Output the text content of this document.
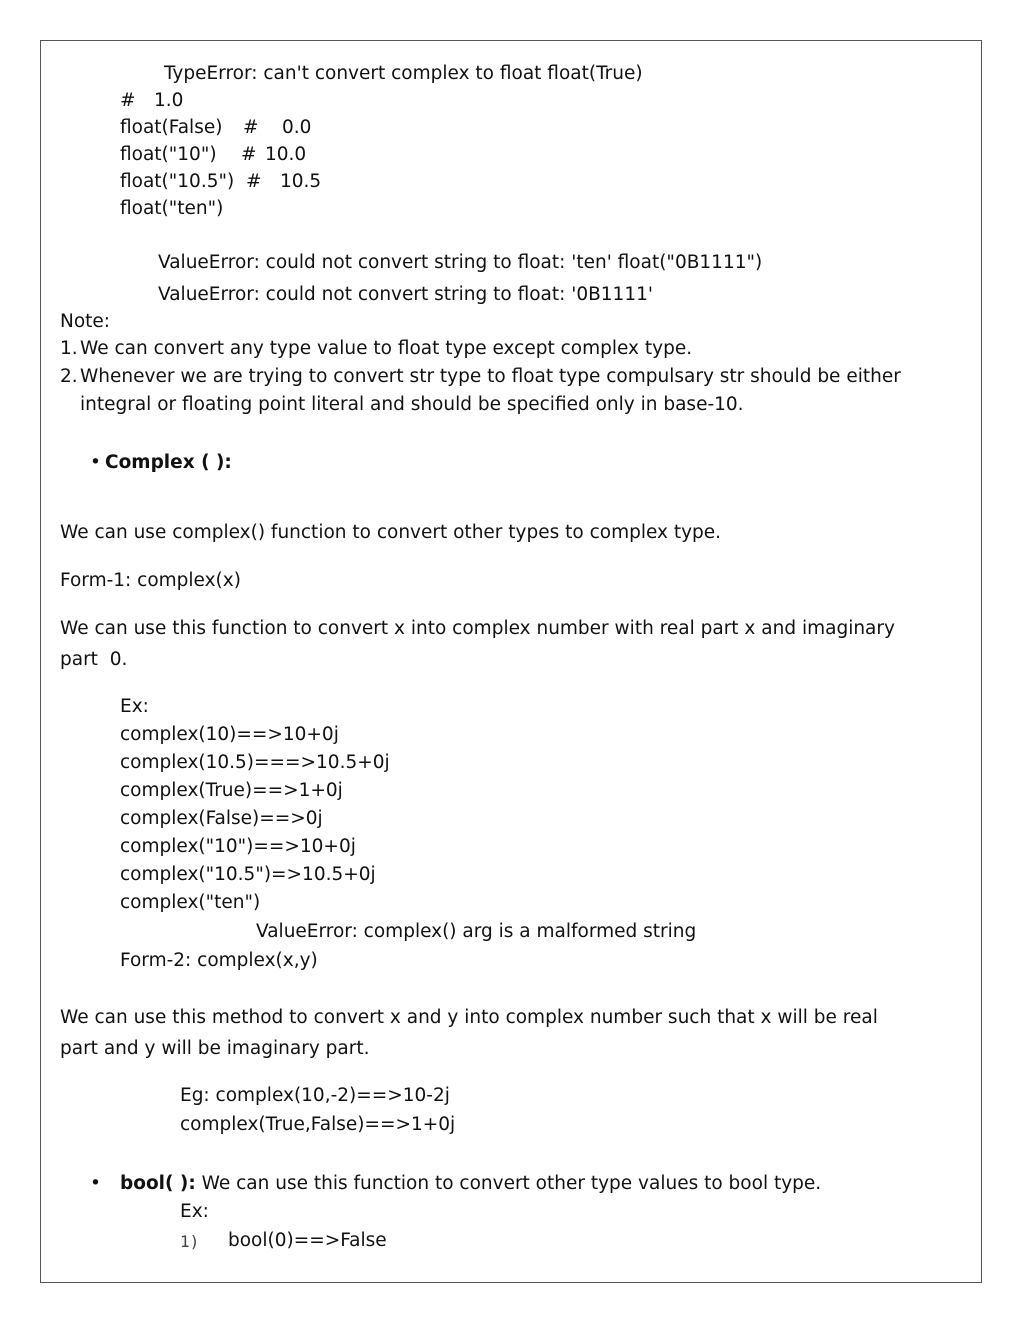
TypeError: can't convert complex to float float(True)
# 1.0
float(False) # 0.0
float("10") # 10.0
float("10.5") # 10.5
float("ten")
ValueError: could not convert string to float: 'ten' float("0B1111")
ValueError: could not convert string to float: '0B1111'
Note:
1. We can convert any type value to float type except complex type.
2. Whenever we are trying to convert str type to float type compulsary str should be either
integral or floating point literal and should be specified only in base-10.
• Complex ( ):
We can use complex() function to convert other types to complex type.
Form-1: complex(x)
We can use this function to convert x into complex number with real part x and imaginary
part  0.
Ex:
complex(10)==>10+0j
complex(10.5)===>10.5+0j
complex(True)==>1+0j
complex(False)==>0j
complex("10")==>10+0j
complex("10.5")=>10.5+0j
complex("ten")
ValueError: complex() arg is a malformed string
Form-2: complex(x,y)
We can use this method to convert x and y into complex number such that x will be real
part and y will be imaginary part.
Eg: complex(10,-2)==>10-2j
complex(True,False)==>1+0j
• bool( ): We can use this function to convert other type values to bool type.
Ex:
1) bool(0)==>False
